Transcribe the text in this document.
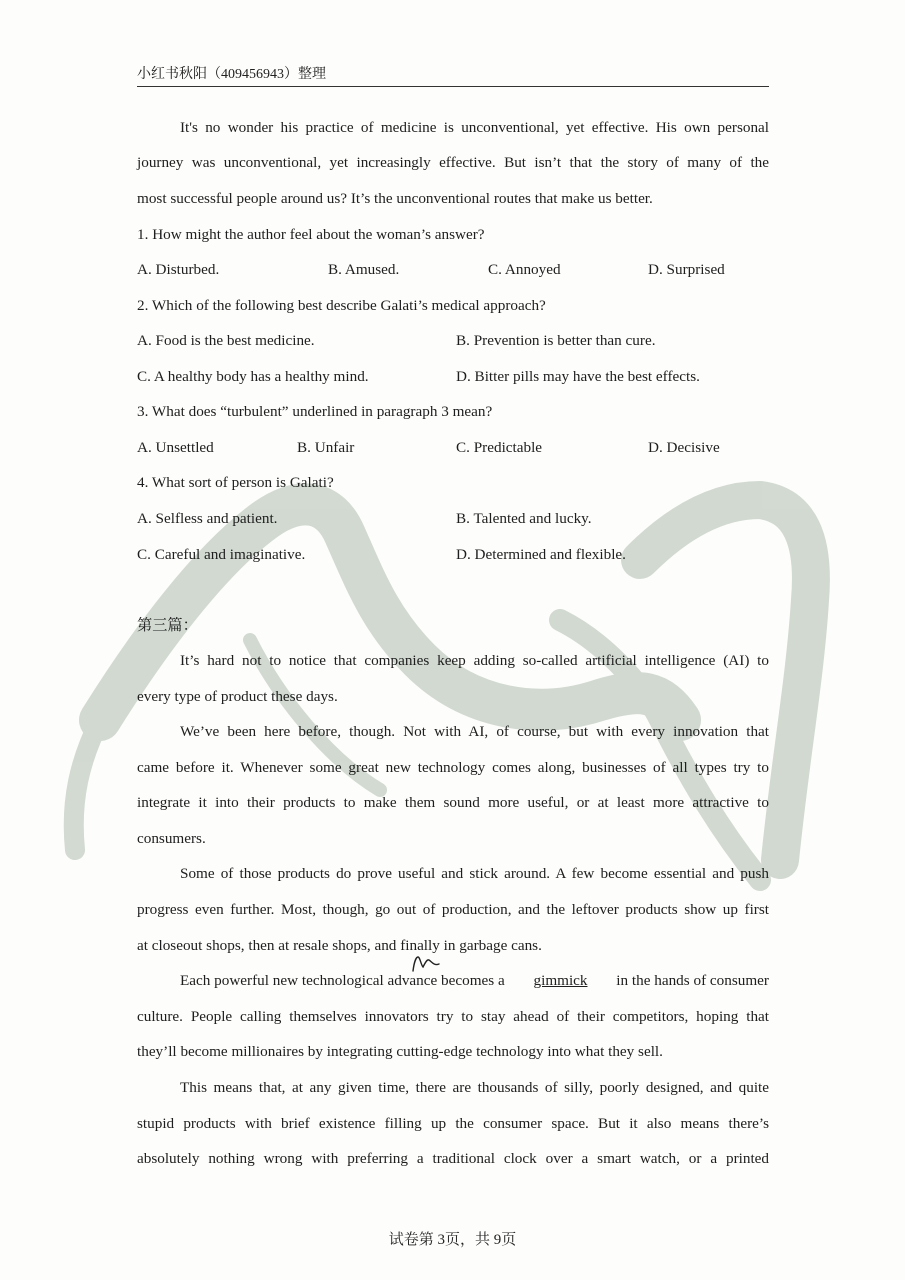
小红书秋阳（409456943）整理
It's no wonder his practice of medicine is unconventional, yet effective. His own personal
journey was unconventional, yet increasingly effective. But isn’t that the story of many of the
most successful people around us? It’s the unconventional routes that make us better.
1. How might the author feel about the woman’s answer?
A. Disturbed.	B. Amused.	C. Annoyed	D. Surprised
2. Which of the following best describe Galati’s medical approach?
A. Food is the best medicine.	B. Prevention is better than cure.
C. A healthy body has a healthy mind.	D. Bitter pills may have the best effects.
3. What does “turbulent” underlined in paragraph 3 mean?
A. Unsettled	B. Unfair	C. Predictable	D. Decisive
4. What sort of person is Galati?
A. Selfless and patient.	B. Talented and lucky.
C. Careful and imaginative.	D. Determined and flexible.
第三篇：
It’s hard not to notice that companies keep adding so-called artificial intelligence (AI) to
every type of product these days.
We’ve been here before, though. Not with AI, of course, but with every innovation that
came before it. Whenever some great new technology comes along, businesses of all types try to
integrate it into their products to make them sound more useful, or at least more attractive to
consumers.
Some of those products do prove useful and stick around. A few become essential and push
progress even further. Most, though, go out of production, and the leftover products show up first
at closeout shops, then at resale shops, and finally in garbage cans.
Each powerful new technological advance becomes a gimmick in the hands of consumer
culture. People calling themselves innovators try to stay ahead of their competitors, hoping that
they’ll become millionaires by integrating cutting-edge technology into what they sell.
This means that, at any given time, there are thousands of silly, poorly designed, and quite
stupid products with brief existence filling up the consumer space. But it also means there’s
absolutely nothing wrong with preferring a traditional clock over a smart watch, or a printed
试卷第 3页，共 9页
